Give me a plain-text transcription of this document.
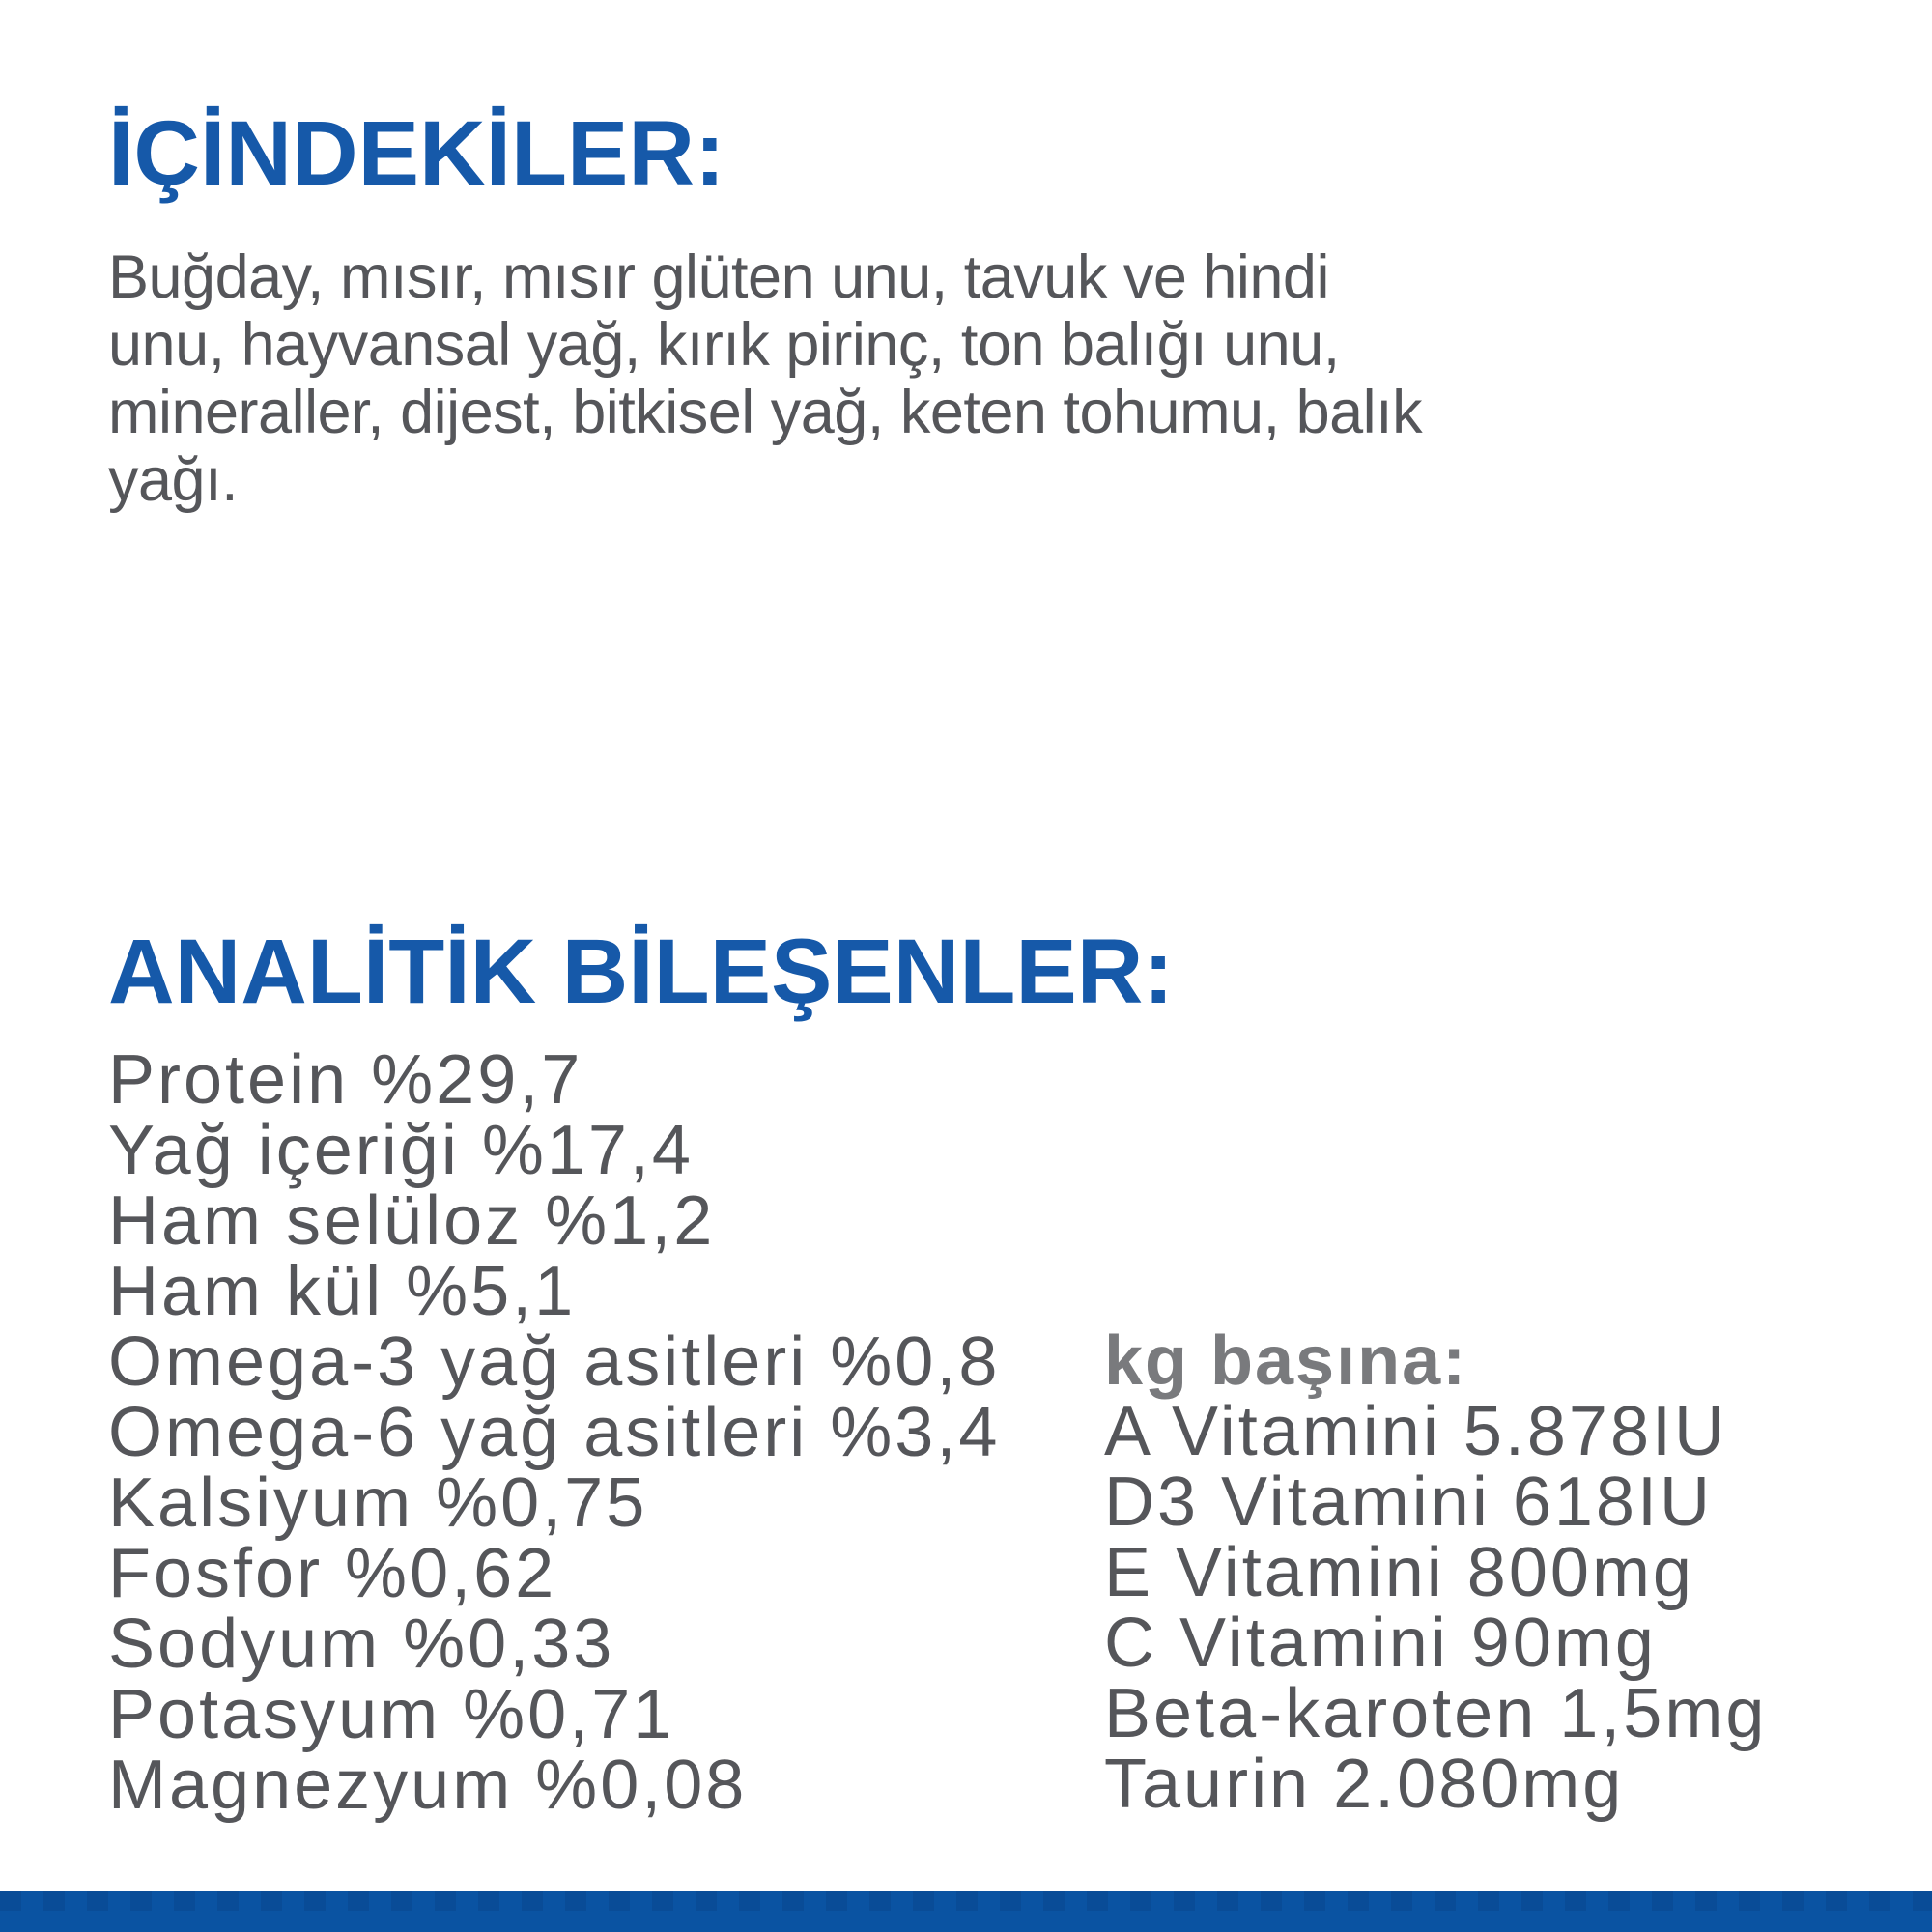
İÇİNDEKİLER:
Buğday, mısır, mısır glüten unu, tavuk ve hindi
unu, hayvansal yağ, kırık pirinç, ton balığı unu,
mineraller, dijest, bitkisel yağ, keten tohumu, balık
yağı.
ANALİTİK BİLEŞENLER:
Protein %29,7
Yağ içeriği %17,4
Ham selüloz %1,2
Ham kül %5,1
Omega-3 yağ asitleri %0,8
Omega-6 yağ asitleri %3,4
Kalsiyum %0,75
Fosfor %0,62
Sodyum %0,33
Potasyum %0,71
Magnezyum %0,08
kg başına:
A Vitamini 5.878IU
D3 Vitamini 618IU
E Vitamini 800mg
C Vitamini 90mg
Beta-karoten 1,5mg
Taurin 2.080mg
